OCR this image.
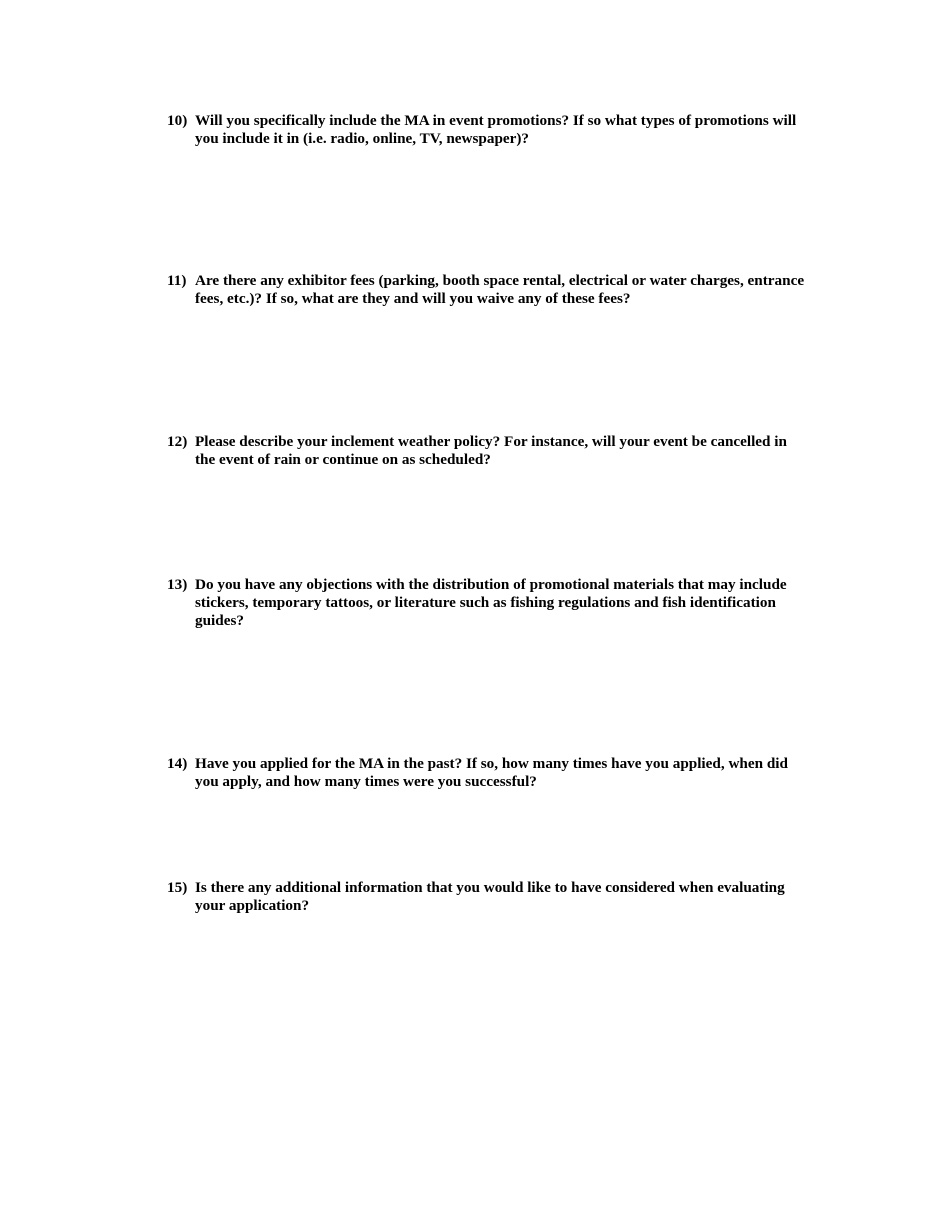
10) Will you specifically include the MA in event promotions? If so what types of promotions will you include it in (i.e. radio, online, TV, newspaper)?
11) Are there any exhibitor fees (parking, booth space rental, electrical or water charges, entrance fees, etc.)? If so, what are they and will you waive any of these fees?
12) Please describe your inclement weather policy? For instance, will your event be cancelled in the event of rain or continue on as scheduled?
13) Do you have any objections with the distribution of promotional materials that may include stickers, temporary tattoos, or literature such as fishing regulations and fish identification guides?
14) Have you applied for the MA in the past? If so, how many times have you applied, when did you apply, and how many times were you successful?
15) Is there any additional information that you would like to have considered when evaluating your application?
